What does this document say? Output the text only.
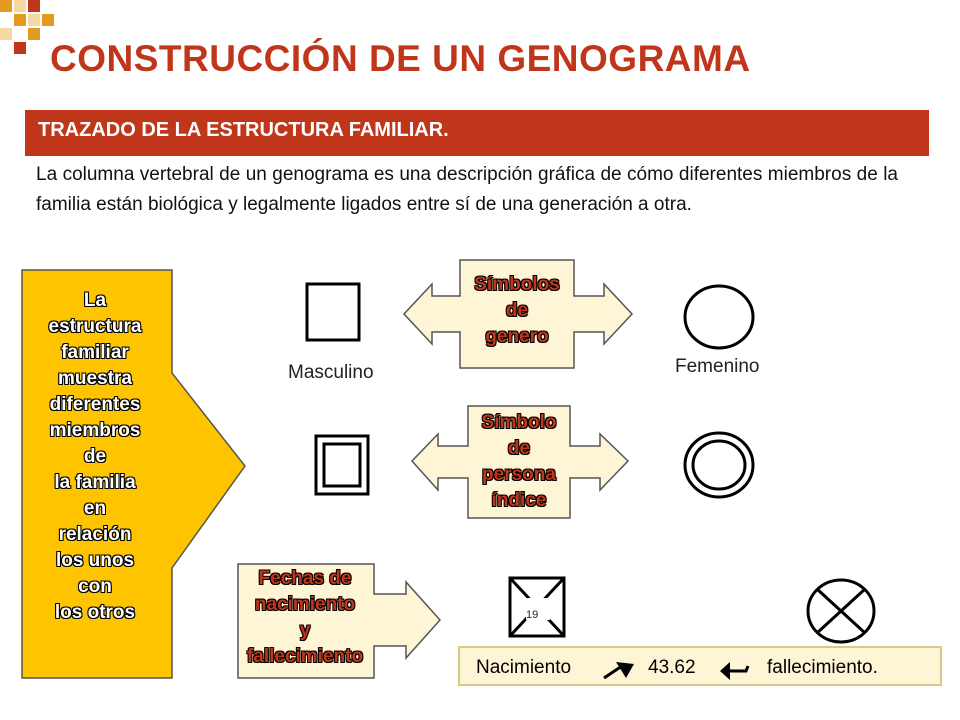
CONSTRUCCIÓN DE UN GENOGRAMA
TRAZADO DE LA ESTRUCTURA FAMILIAR.
La columna vertebral de un genograma es una descripción gráfica de cómo diferentes miembros de la familia están biológica y legalmente ligados entre sí de una generación a otra.
La
estructura
familiar
muestra
diferentes
miembros
de
la familia
en
relación
los unos
con
los otros
Masculino
Símbolos
de
genero
Femenino
Símbolo
de
persona
índice
Fechas de
nacimiento
y
fallecimiento
19
Nacimiento	43.62	fallecimiento.
